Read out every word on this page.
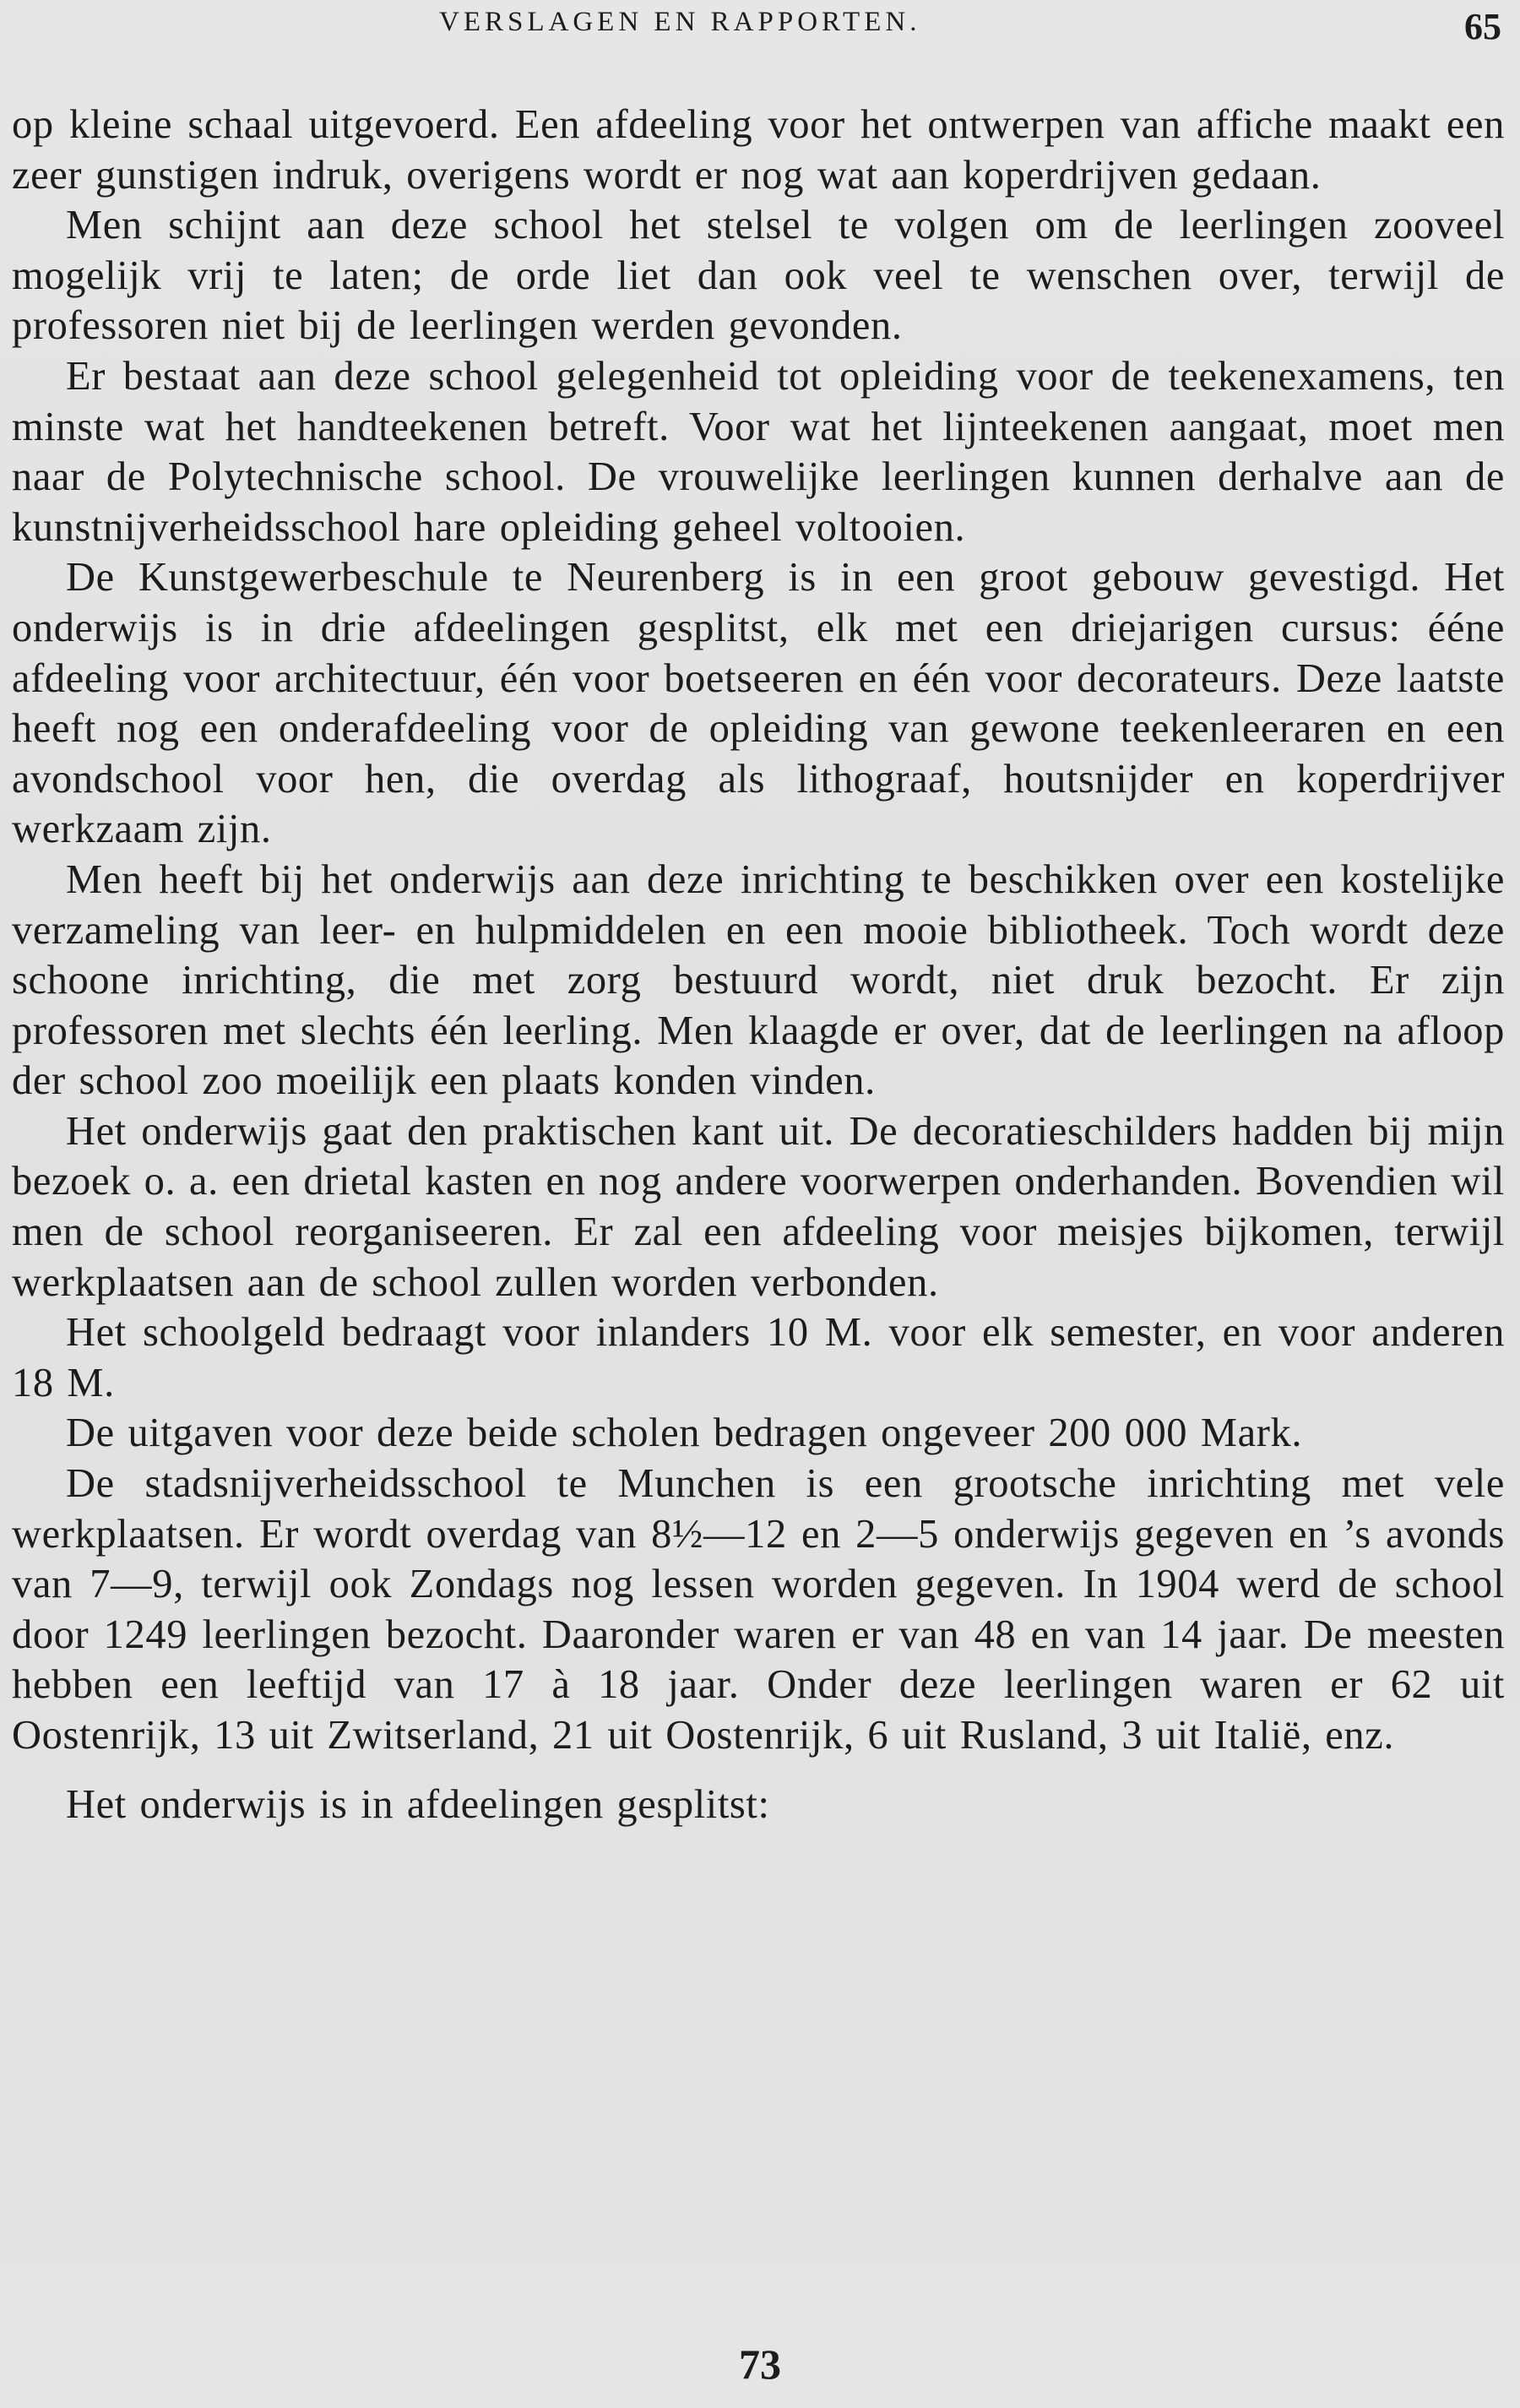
VERSLAGEN EN RAPPORTEN.	65

op kleine schaal uitgevoerd. Een afdeeling voor het ontwerpen van affiche maakt een zeer gunstigen indruk, overigens wordt er nog wat aan koperdrijven gedaan.

Men schijnt aan deze school het stelsel te volgen om de leerlingen zooveel mogelijk vrij te laten; de orde liet dan ook veel te wenschen over, terwijl de professoren niet bij de leerlingen werden gevonden.

Er bestaat aan deze school gelegenheid tot opleiding voor de teekenexamens, ten minste wat het handteekenen betreft. Voor wat het lijnteekenen aangaat, moet men naar de Polytechnische school. De vrouwelijke leerlingen kunnen derhalve aan de kunstnijverheidsschool hare opleiding geheel voltooien.

De Kunstgewerbeschule te Neurenberg is in een groot gebouw gevestigd. Het onderwijs is in drie afdeelingen gesplitst, elk met een driejarigen cursus: éénе afdeeling voor architectuur, één voor boetseeren en één voor decorateurs. Deze laatste heeft nog een onderafdeeling voor de opleiding van gewone teekenleeraren en een avondschool voor hen, die overdag als lithograaf, houtsnijder en koperdrijver werkzaam zijn.

Men heeft bij het onderwijs aan deze inrichting te beschikken over een kostelijke verzameling van leer- en hulpmiddelen en een mooie bibliotheek. Toch wordt deze schoone inrichting, die met zorg bestuurd wordt, niet druk bezocht. Er zijn professoren met slechts één leerling. Men klaagde er over, dat de leerlingen na afloop der school zoo moeilijk een plaats konden vinden.

Het onderwijs gaat den praktischen kant uit. De decoratieschilders hadden bij mijn bezoek o. a. een drietal kasten en nog andere voorwerpen onderhanden. Bovendien wil men de school reorganiseeren. Er zal een afdeeling voor meisjes bijkomen, terwijl werkplaatsen aan de school zullen worden verbonden.

Het schoolgeld bedraagt voor inlanders 10 M. voor elk semester, en voor anderen 18 M.

De uitgaven voor deze beide scholen bedragen ongeveer 200 000 Mark.

De stadsnijverheidsschool te Munchen is een grootsche inrichting met vele werkplaatsen. Er wordt overdag van 8½—12 en 2—5 onderwijs gegeven en ’s avonds van 7—9, terwijl ook Zondags nog lessen worden gegeven. In 1904 werd de school door 1249 leerlingen bezocht. Daaronder waren er van 48 en van 14 jaar. De meesten hebben een leeftijd van 17 à 18 jaar. Onder deze leerlingen waren er 62 uit Oostenrijk, 13 uit Zwitserland, 21 uit Oostenrijk, 6 uit Rusland, 3 uit Italië, enz.

Het onderwijs is in afdeelingen gesplitst:

73
